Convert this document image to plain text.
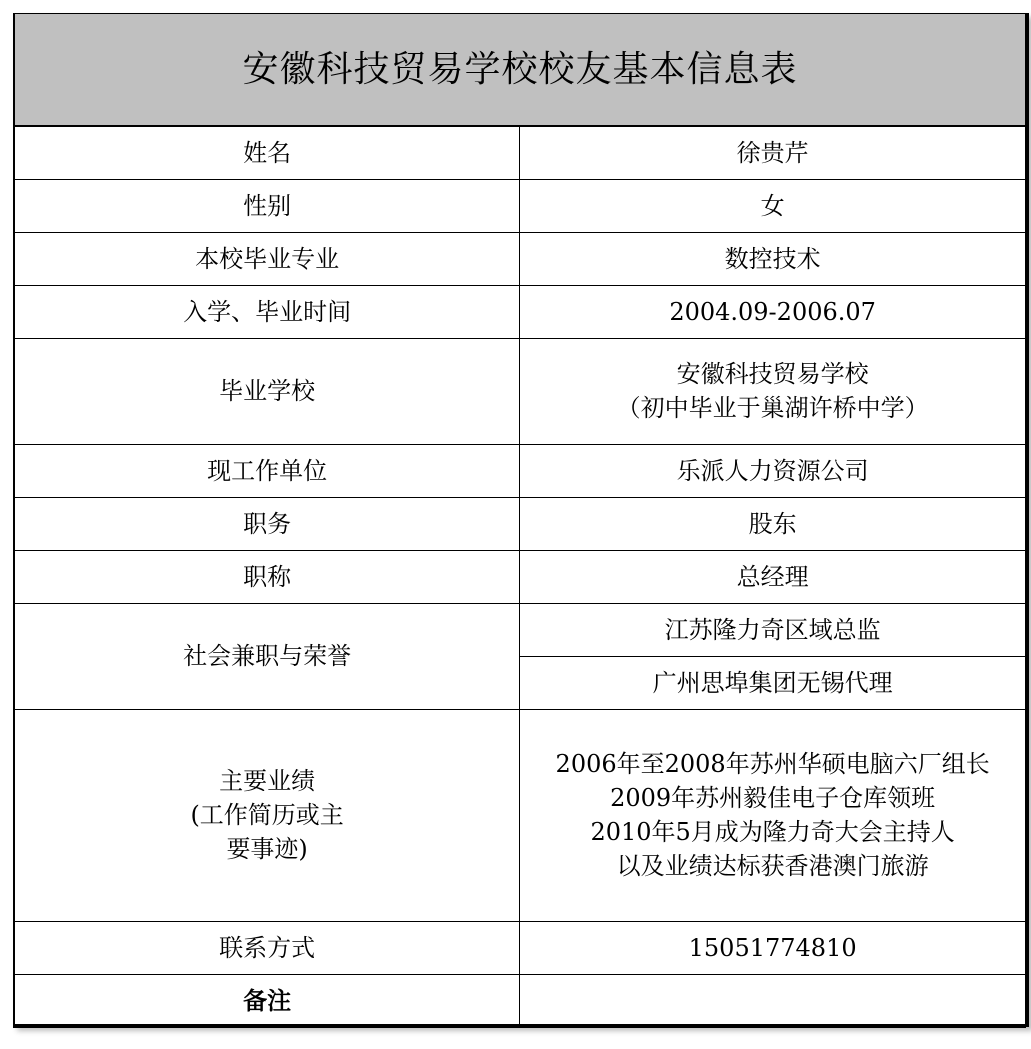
安徽科技贸易学校校友基本信息表	
姓名	徐贵芹
性别	女
本校毕业专业	数控技术
入学、毕业时间	2004.09-2006.07
毕业学校	安徽科技贸易学校
（初中毕业于巢湖许桥中学）

现工作单位	乐派人力资源公司
职务	股东
职称	总经理
社会兼职与荣誉	江苏隆力奇区域总监
	广州思埠集团无锡代理

主要业绩
(工作简历或主
要事迹)	2006年至2008年苏州华硕电脑六厂组长
2009年苏州毅佳电子仓库领班
2010年5月成为隆力奇大会主持人
以及业绩达标获香港澳门旅游

联系方式	15051774810
备注	
